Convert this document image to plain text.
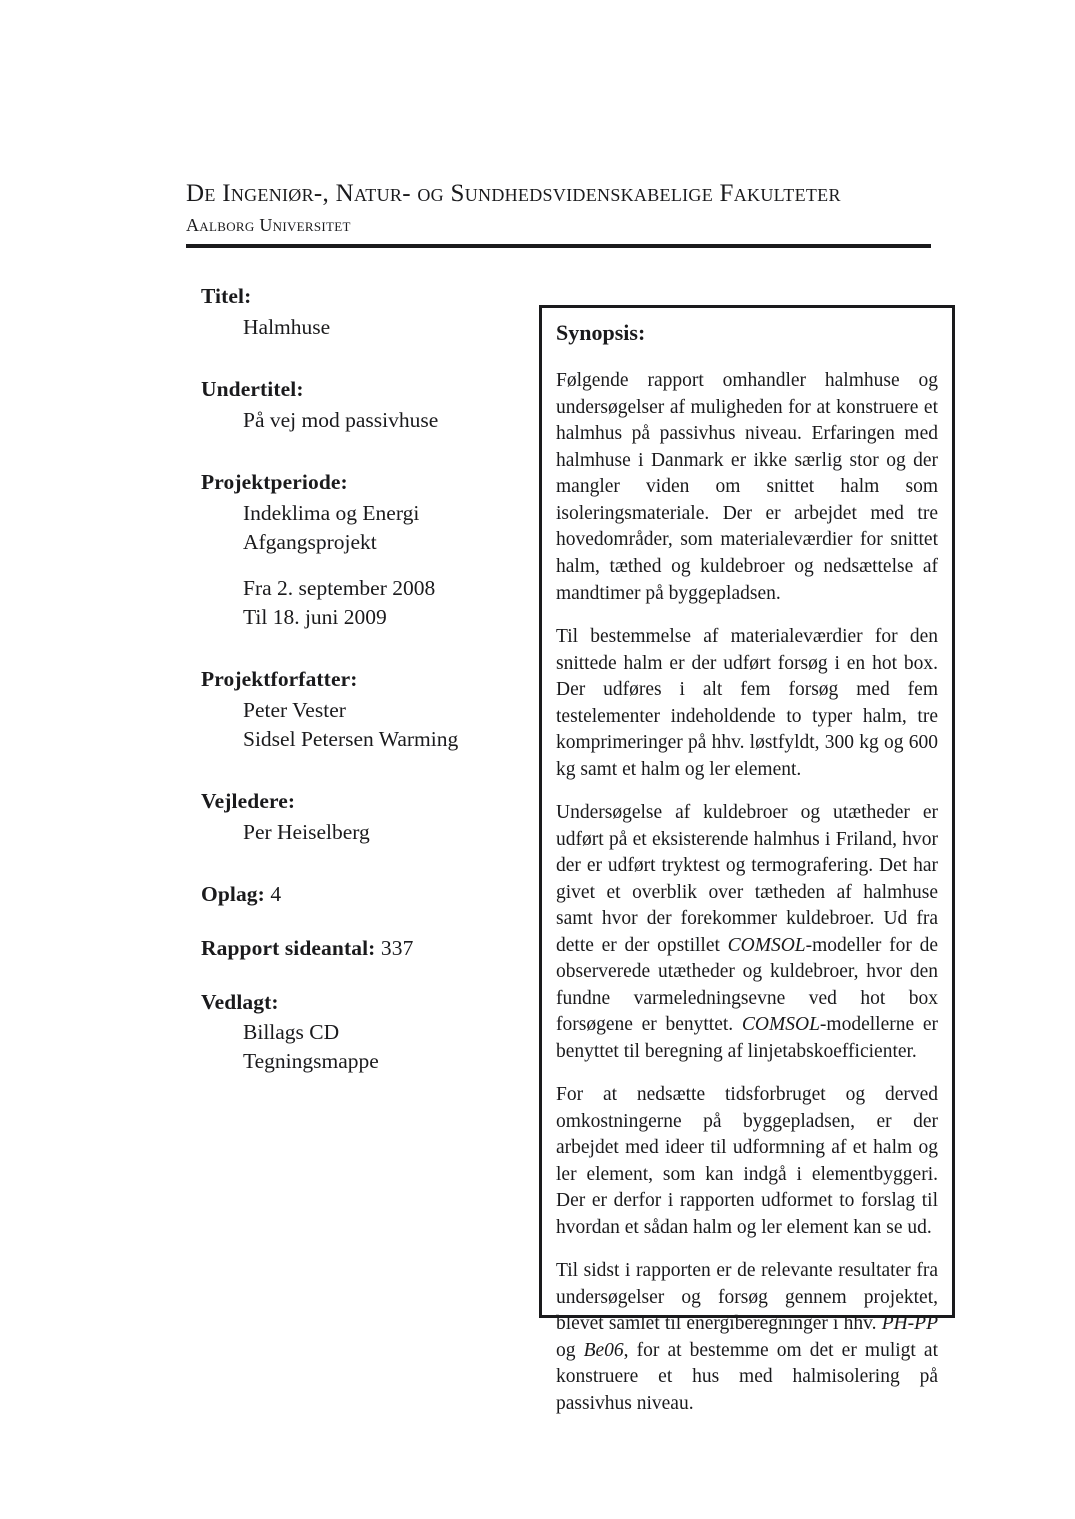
De Ingeniør-, Natur- og Sundhedsvidenskabelige Fakulteter
Aalborg Universitet
Titel:
Halmhuse
Undertitel:
På vej mod passivhuse
Projektperiode:
Indeklima og Energi
Afgangsprojekt
Fra 2. september 2008
Til 18. juni 2009
Projektforfatter:
Peter Vester
Sidsel Petersen Warming
Vejledere:
Per Heiselberg
Oplag: 4
Rapport sideantal: 337
Vedlagt:
Billags CD
Tegningsmappe
Synopsis:

Følgende rapport omhandler halmhuse og undersøgelser af muligheden for at konstruere et halmhus på passivhus niveau. Erfaringen med halmhuse i Danmark er ikke særlig stor og der mangler viden om snittet halm som isoleringsmateriale. Der er arbejdet med tre hovedområder, som materialeværdier for snittet halm, tæthed og kuldebroer og nedsættelse af mandtimer på byggepladsen.

Til bestemmelse af materialeværdier for den snittede halm er der udført forsøg i en hot box. Der udføres i alt fem forsøg med fem testelementer indeholdende to typer halm, tre komprimeringer på hhv. løstfyldt, 300 kg og 600 kg samt et halm og ler element.

Undersøgelse af kuldebroer og utætheder er udført på et eksisterende halmhus i Friland, hvor der er udført tryktest og termografering. Det har givet et overblik over tætheden af halmhuse samt hvor der forekommer kuldebroer. Ud fra dette er der opstillet COMSOL-modeller for de observerede utætheder og kuldebroer, hvor den fundne varmeledningsevne ved hot box forsøgene er benyttet. COMSOL-modellerne er benyttet til beregning af linjetabskoefficienter.

For at nedsætte tidsforbruget og derved omkostningerne på byggepladsen, er der arbejdet med ideer til udformning af et halm og ler element, som kan indgå i elementbyggeri. Der er derfor i rapporten udformet to forslag til hvordan et sådan halm og ler element kan se ud.

Til sidst i rapporten er de relevante resultater fra undersøgelser og forsøg gennem projektet, blevet samlet til energiberegninger i hhv. PH-PP og Be06, for at bestemme om det er muligt at konstruere et hus med halmisolering på passivhus niveau.
